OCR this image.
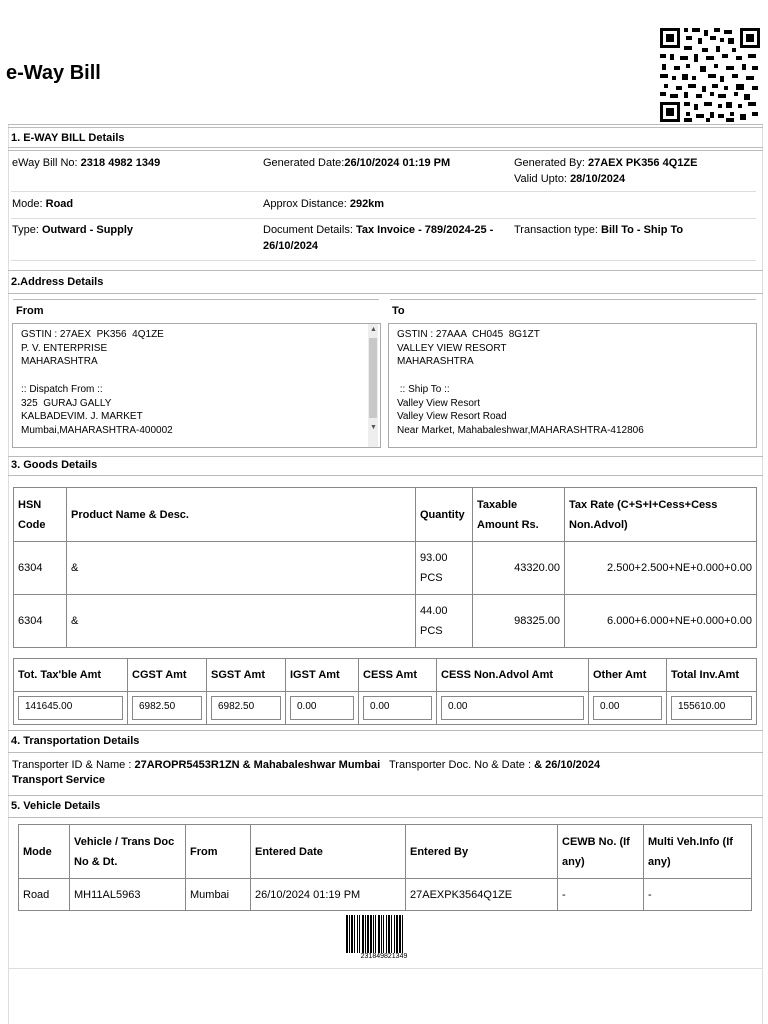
e-Way Bill
1. E-WAY BILL Details
eWay Bill No: 2318 4982 1349	Generated Date:26/10/2024 01:19 PM	Generated By: 27AEX PK356 4Q1ZE
Valid Upto: 28/10/2024
Mode: Road	Approx Distance: 292km
Type: Outward - Supply	Document Details: Tax Invoice - 789/2024-25 - 26/10/2024
Transaction type: Bill To - Ship To
2.Address Details
From	To
GSTIN : 27AEX  PK356  4Q1ZE
P. V. ENTERPRISE
MAHARASHTRA

:: Dispatch From ::
325  GURAJ GALLY
KALBADEVIM. J. MARKET
Mumbai,MAHARASHTRA-400002
▲
▼
GSTIN : 27AAA  CH045  8G1ZT
VALLEY VIEW RESORT
MAHARASHTRA

:: Ship To ::
Valley View Resort
Valley View Resort Road
Near Market, Mahabaleshwar,MAHARASHTRA-412806
3. Goods Details
HSN Code	Product Name & Desc.	Quantity	Taxable Amount Rs.	Tax Rate (C+S+I+Cess+Cess Non.Advol)
6304	&	93.00 PCS	43320.00	2.500+2.500+NE+0.000+0.00
6304	&	44.00 PCS	98325.00	6.000+6.000+NE+0.000+0.00
Tot. Tax'ble Amt	CGST Amt	SGST Amt	IGST Amt	CESS Amt	CESS Non.Advol Amt	Other Amt	Total Inv.Amt

141645.00	6982.50	6982.50	0.00	0.00	0.00	0.00	155610.00
4. Transportation Details
Transporter ID & Name : 27AROPR5453R1ZN & Mahabaleshwar Mumbai Transport Service
Transporter Doc. No & Date : & 26/10/2024
5. Vehicle Details
Mode	Vehicle / Trans Doc No & Dt.	From	Entered Date	Entered By	CEWB No. (If any)	Multi Veh.Info (If any)
Road	MH11AL5963	Mumbai	26/10/2024 01:19 PM	27AEXPK3564Q1ZE	-	-
231849821349
